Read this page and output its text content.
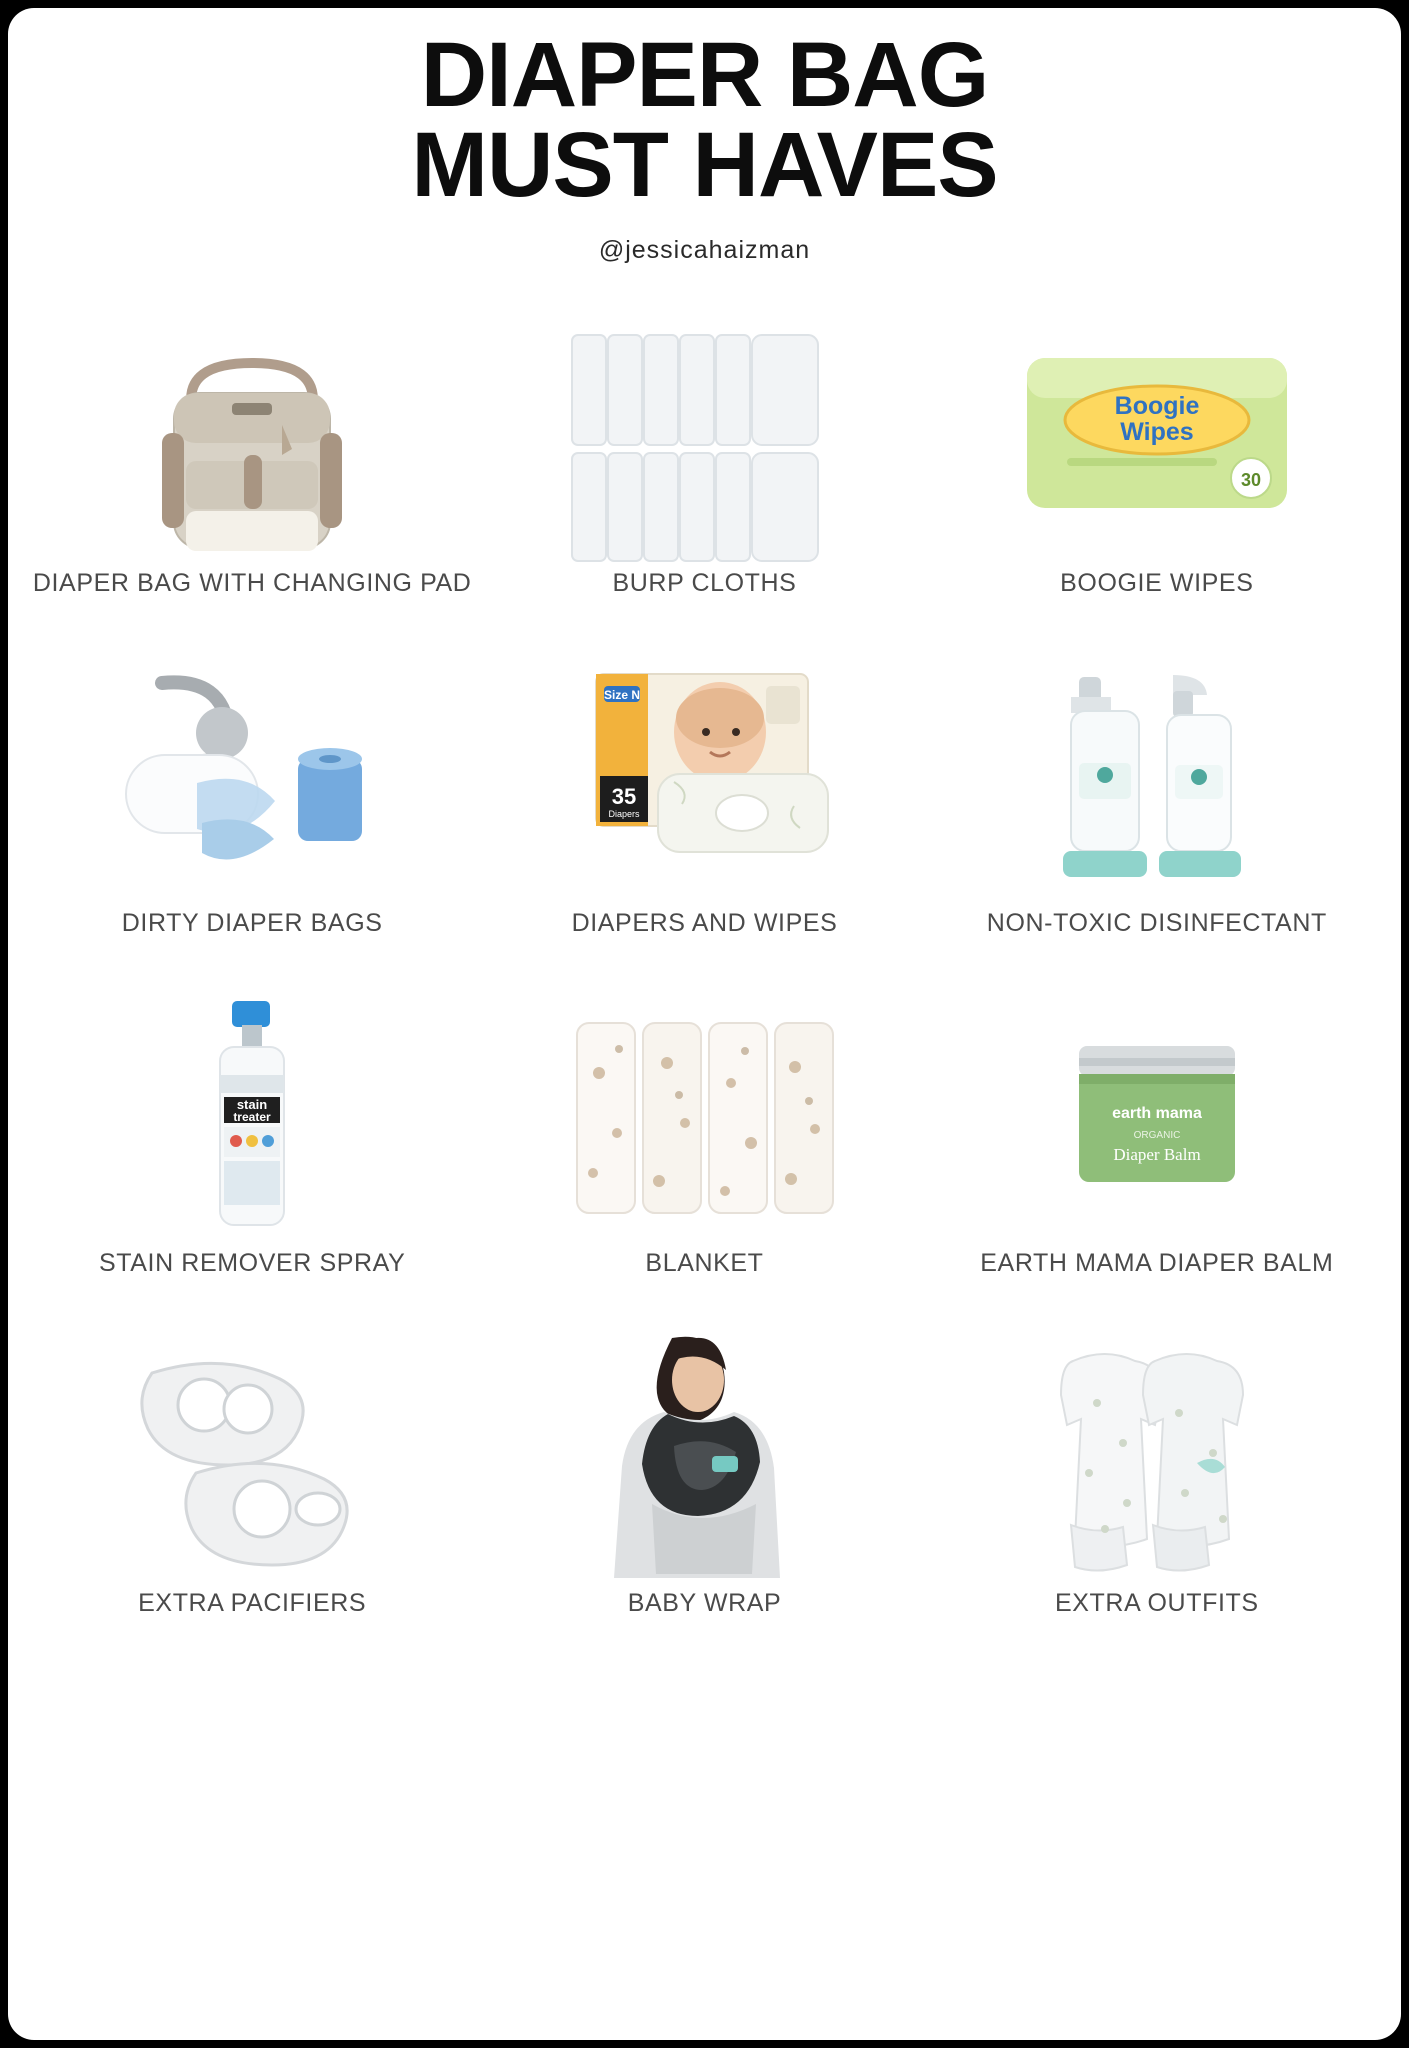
DIAPER BAG
MUST HAVES
@jessicahaizman
DIAPER BAG WITH CHANGING PAD	BURP CLOTHS
Boogie
Wipes
30
BOOGIE WIPES
DIRTY DIAPER BAGS
Size N
35
Diapers
DIAPERS AND WIPES	NON-TOXIC DISINFECTANT
stain
treater
STAIN REMOVER SPRAY	BLANKET
earth mama
ORGANIC
Diaper Balm
EARTH MAMA DIAPER BALM
EXTRA PACIFIERS	BABY WRAP	EXTRA OUTFITS
